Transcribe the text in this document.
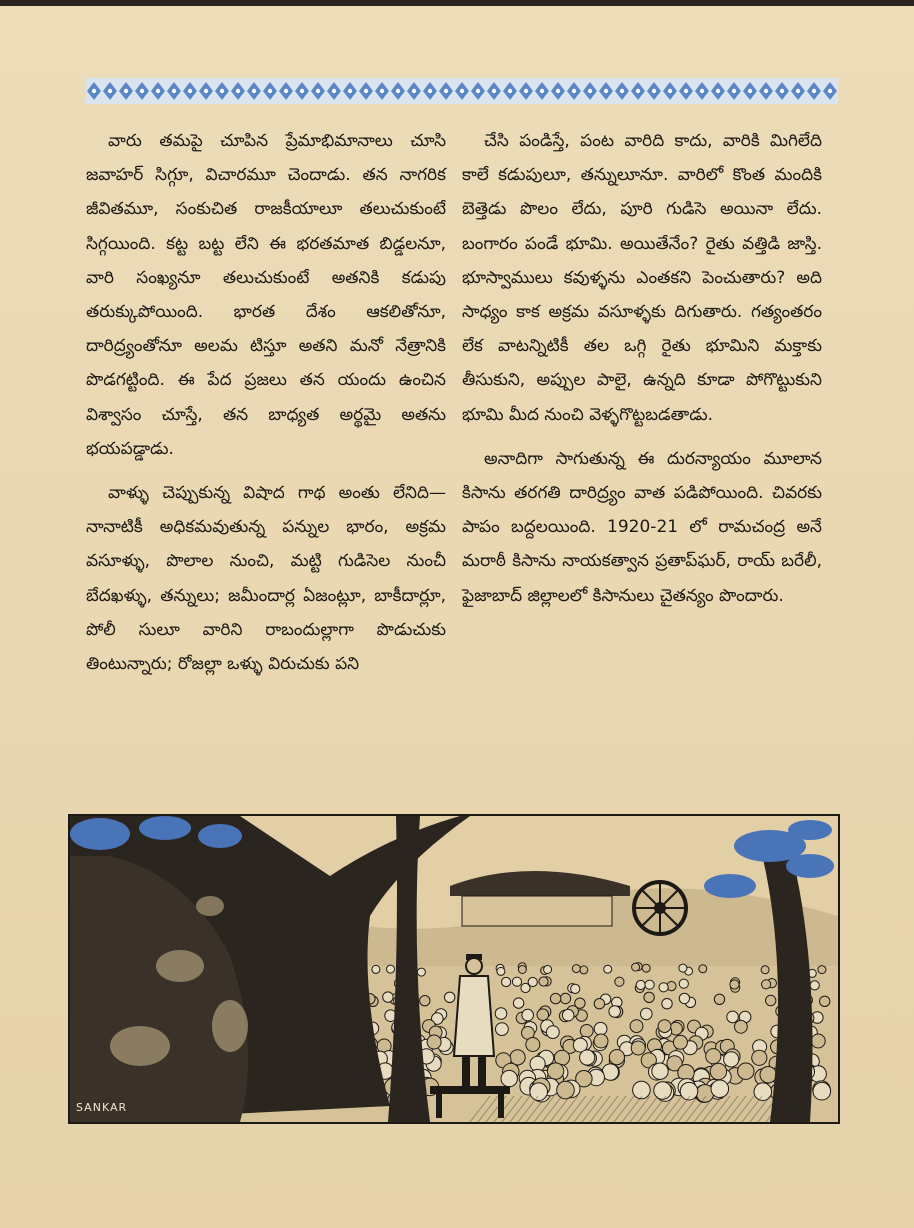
వారు తమపై చూపిన ప్రేమాభిమానాలు చూసి జవాహర్ సిగ్గూ, విచారమూ చెందాడు. తన నాగరిక జీవితమూ, సంకుచిత రాజకీయాలూ తలుచుకుంటే సిగ్గయింది. కట్ట బట్ట లేని ఈ భరతమాత బిడ్డలనూ, వారి సంఖ్యనూ తలుచుకుంటే అతనికి కడుపు తరుక్కుపోయింది. భారత దేశం ఆకలితోనూ, దారిద్ర్యంతోనూ అలమ టిస్తూ అతని మనో నేత్రానికి పొడగట్టింది. ఈ పేద ప్రజలు తన యందు ఉంచిన విశ్వాసం చూస్తే, తన బాధ్యత అర్థమై అతను భయపడ్డాడు.

వాళ్ళు చెప్పుకున్న విషాద గాథ అంతు లేనిది—నానాటికీ అధికమవుతున్న పన్నుల భారం, అక్రమ వసూళ్ళు, పొలాల నుంచి, మట్టి గుడిసెల నుంచీ బేదఖళ్ళు, తన్నులు; జమీందార్ల ఏజంట్లూ, బాకీదార్లూ, పోలీ సులూ వారిని రాబందుల్లాగా పొడుచుకు తింటున్నారు; రోజల్లా ఒళ్ళు విరుచుకు పని

చేసి పండిస్తే, పంట వారిది కాదు, వారికి మిగిలేది కాలే కడుపులూ, తన్నులూనూ. వారిలో కొంత మందికి బెత్తెడు పొలం లేదు, పూరి గుడిసె అయినా లేదు. బంగారం పండే భూమి. అయితేనేం? రైతు వత్తిడి జాస్తి. భూస్వాములు కవుళ్ళను ఎంతకని పెంచుతారు? అది సాధ్యం కాక అక్రమ వసూళ్ళకు దిగుతారు. గత్యంతరం లేక వాటన్నిటికీ తల ఒగ్గి రైతు భూమిని మక్తాకు తీసుకుని, అప్పుల పాలై, ఉన్నది కూడా పోగొట్టుకుని భూమి మీద నుంచి వెళ్ళగొట్టబడతాడు.

అనాదిగా సాగుతున్న ఈ దురన్యాయం మూలాన కిసాను తరగతి దారిద్ర్యం వాత పడిపోయింది. చివరకు పాపం బద్దలయింది. 1920-21 లో రామచంద్ర అనే మరాఠీ కిసాను నాయకత్వాన ప్రతాప్‌ఘర్, రాయ్ బరేలీ, ఫైజాబాద్ జిల్లాలలో కిసానులు చైతన్యం పొందారు.

SANKAR
